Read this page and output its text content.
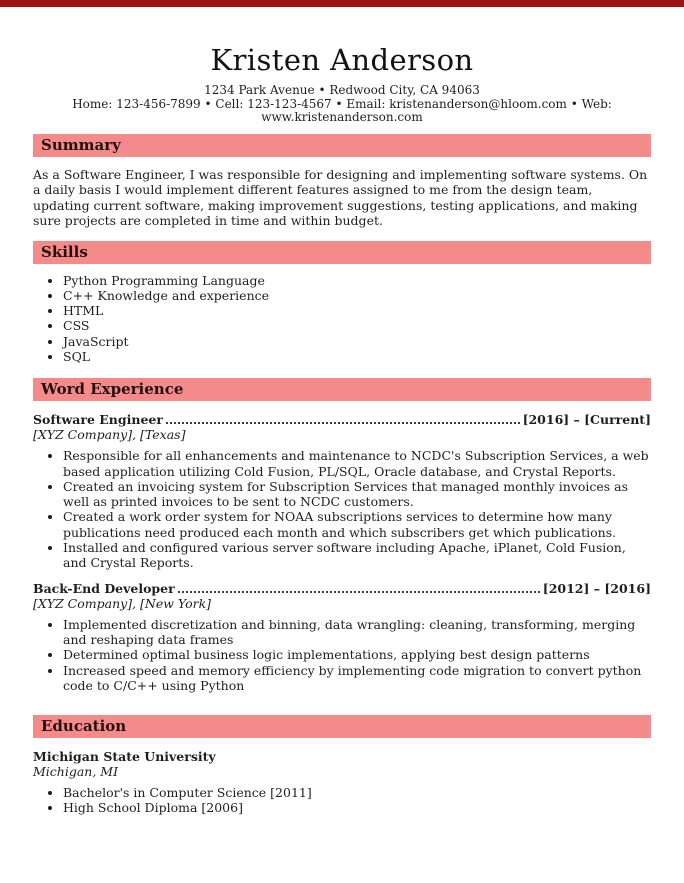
Kristen Anderson
1234 Park Avenue • Redwood City, CA 94063
Home: 123-456-7899 • Cell: 123-123-4567 • Email: kristenanderson@hloom.com • Web: www.kristenanderson.com
Summary
As a Software Engineer, I was responsible for designing and implementing software systems. On a daily basis I would implement different features assigned to me from the design team, updating current software, making improvement suggestions, testing applications, and making sure projects are completed in time and within budget.
Skills
• Python Programming Language
• C++ Knowledge and experience
• HTML
• CSS
• JavaScript
• SQL
Word Experience
Software Engineer	[2016] – [Current]
[XYZ Company], [Texas]
• Responsible for all enhancements and maintenance to NCDC's Subscription Services, a web based application utilizing Cold Fusion, PL/SQL, Oracle database, and Crystal Reports.
• Created an invoicing system for Subscription Services that managed monthly invoices as well as printed invoices to be sent to NCDC customers.
• Created a work order system for NOAA subscriptions services to determine how many publications need produced each month and which subscribers get which publications.
• Installed and configured various server software including Apache, iPlanet, Cold Fusion, and Crystal Reports.
Back-End Developer	[2012] – [2016]
[XYZ Company], [New York]
• Implemented discretization and binning, data wrangling: cleaning, transforming, merging and reshaping data frames
• Determined optimal business logic implementations, applying best design patterns
• Increased speed and memory efficiency by implementing code migration to convert python code to C/C++ using Python
Education
Michigan State University
Michigan, MI
• Bachelor's in Computer Science [2011]
• High School Diploma [2006]
